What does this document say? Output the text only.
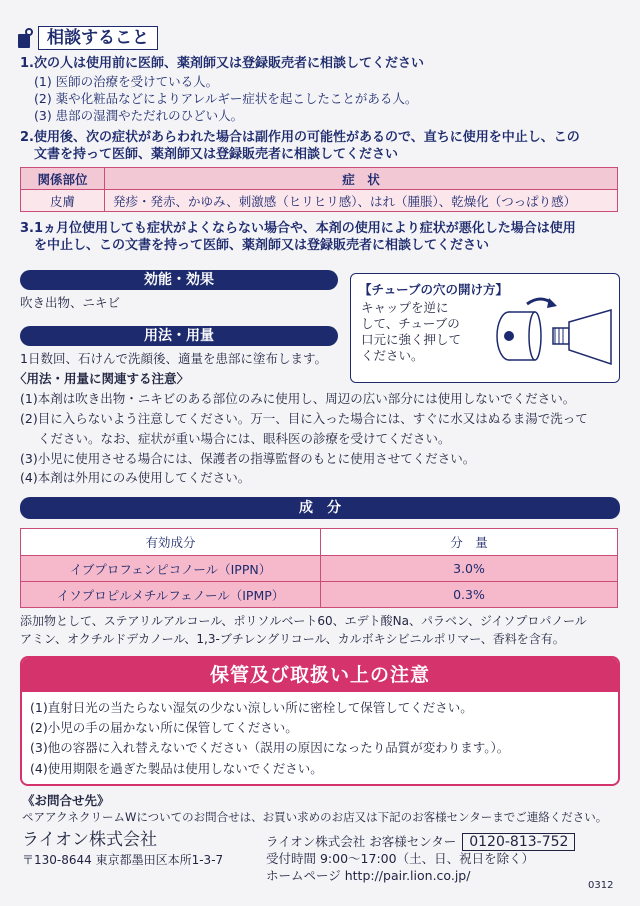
相談すること
1.次の人は使用前に医師、薬剤師又は登録販売者に相談してください
(1) 医師の治療を受けている人。
(2) 薬や化粧品などによりアレルギー症状を起こしたことがある人。
(3) 患部の湿潤やただれのひどい人。
2.使用後、次の症状があらわれた場合は副作用の可能性があるので、直ちに使用を中止し、この
文書を持って医師、薬剤師又は登録販売者に相談してください
関係部位	症　状
皮膚	発疹・発赤、かゆみ、刺激感（ヒリヒリ感）、はれ（腫脹）、乾燥化（つっぱり感）
3.1ヵ月位使用しても症状がよくならない場合や、本剤の使用により症状が悪化した場合は使用
を中止し、この文書を持って医師、薬剤師又は登録販売者に相談してください
効能・効果
吹き出物、ニキビ
用法・用量
1日数回、石けんで洗顔後、適量を患部に塗布します。
〈用法・用量に関連する注意〉
(1)本剤は吹き出物・ニキビのある部位のみに使用し、周辺の広い部分には使用しないでください。
(2)目に入らないよう注意してください。万一、目に入った場合には、すぐに水又はぬるま湯で洗って
ください。なお、症状が重い場合には、眼科医の診療を受けてください。
(3)小児に使用させる場合には、保護者の指導監督のもとに使用させてください。
(4)本剤は外用にのみ使用してください。
【チューブの穴の開け方】
キャップを逆に
して、チューブの
口元に強く押して
ください。
成　分
有効成分	分　量
イブプロフェンピコノール（IPPN）	3.0%
イソプロピルメチルフェノール（IPMP）	0.3%
添加物として、ステアリルアルコール、ポリソルベート60、エデト酸Na、パラベン、ジイソプロパノール
アミン、オクチルドデカノール、1,3-ブチレングリコール、カルボキシビニルポリマー、香料を含有。
保管及び取扱い上の注意
(1)直射日光の当たらない湿気の少ない涼しい所に密栓して保管してください。
(2)小児の手の届かない所に保管してください。
(3)他の容器に入れ替えないでください（誤用の原因になったり品質が変わります。）。
(4)使用期限を過ぎた製品は使用しないでください。
《お問合せ先》
ペアアクネクリームWについてのお問合せは、お買い求めのお店又は下記のお客様センターまでご連絡ください。
ライオン株式会社
〒130-8644 東京都墨田区本所1-3-7
ライオン株式会社 お客様センター 0120-813-752
受付時間 9:00〜17:00（土、日、祝日を除く）
ホームページ http://pair.lion.co.jp/
0312
